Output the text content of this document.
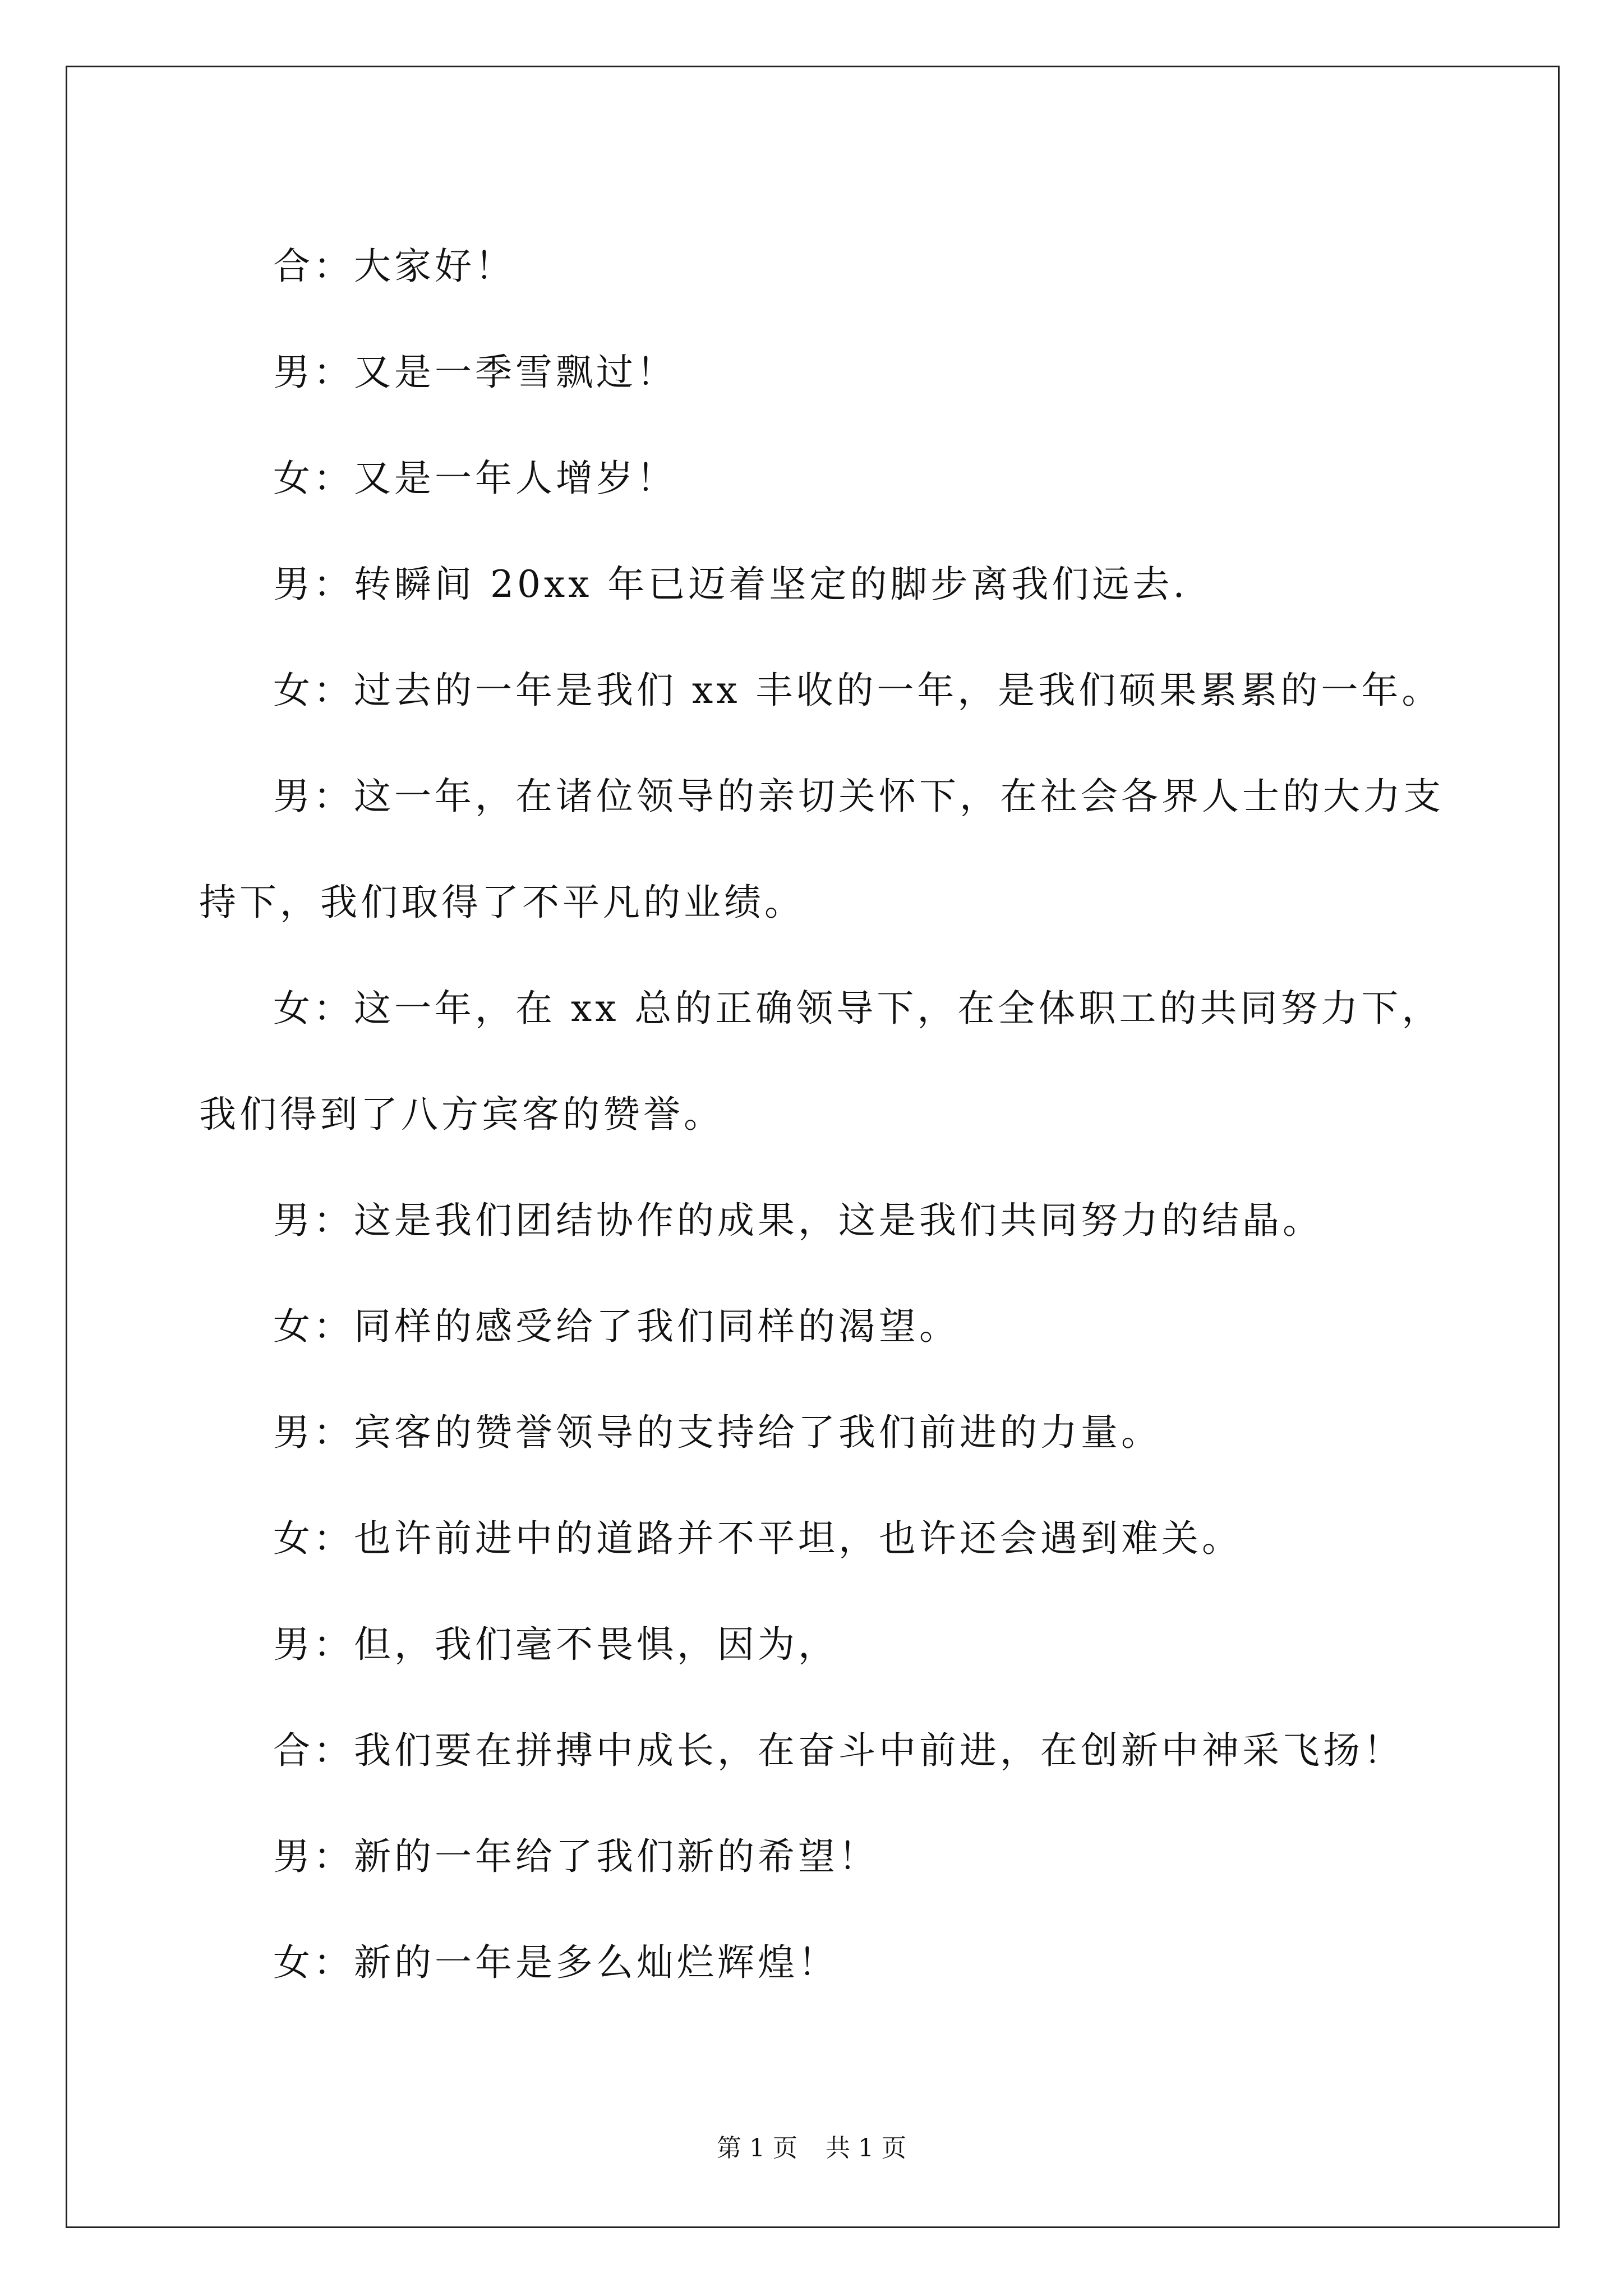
合：大家好！

男：又是一季雪飘过！

女：又是一年人增岁！

男：转瞬间 20xx 年已迈着坚定的脚步离我们远去.

女：过去的一年是我们 xx 丰收的一年，是我们硕果累累的一年。

男：这一年，在诸位领导的亲切关怀下，在社会各界人士的大力支持下，我们取得了不平凡的业绩。

女：这一年，在 xx 总的正确领导下，在全体职工的共同努力下，我们得到了八方宾客的赞誉。

男：这是我们团结协作的成果，这是我们共同努力的结晶。

女：同样的感受给了我们同样的渴望。

男：宾客的赞誉领导的支持给了我们前进的力量。

女：也许前进中的道路并不平坦，也许还会遇到难关。

男：但，我们毫不畏惧，因为，

合：我们要在拼搏中成长，在奋斗中前进，在创新中神采飞扬！

男：新的一年给了我们新的希望！

女：新的一年是多么灿烂辉煌！

第 1 页 共 1 页
